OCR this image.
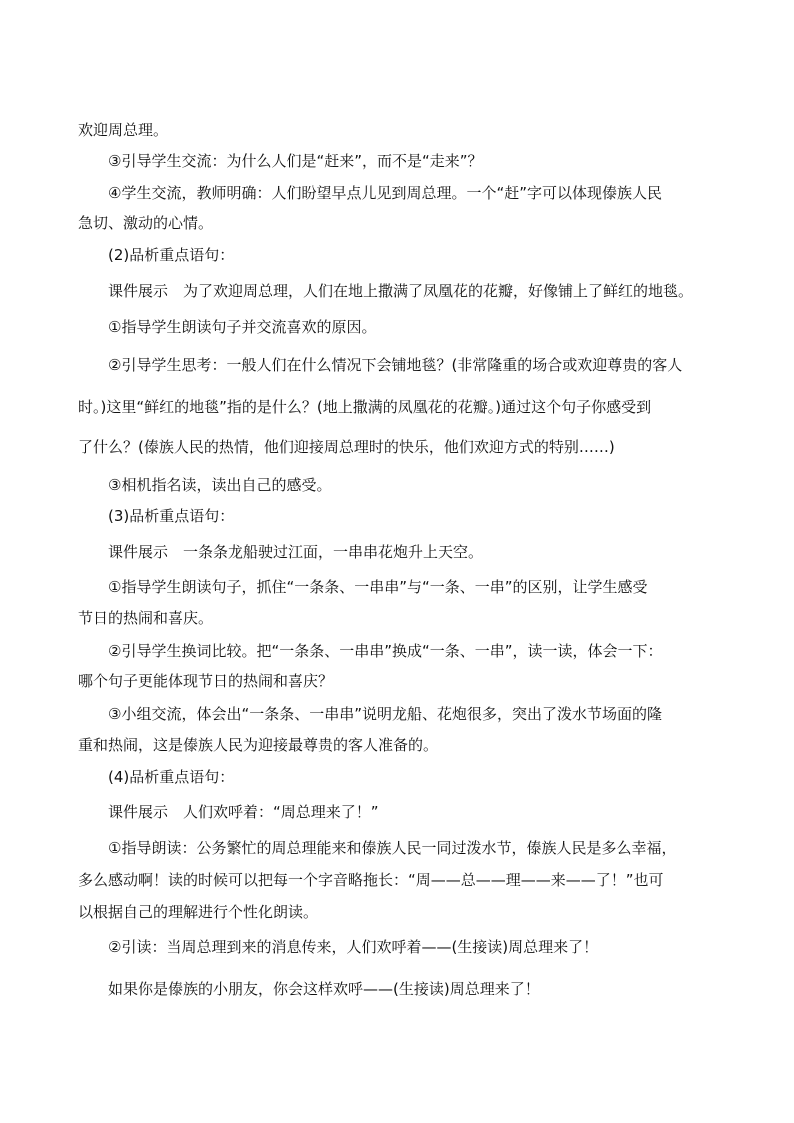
欢迎周总理。
③引导学生交流：为什么人们是“赶来”，而不是“走来”？
④学生交流，教师明确：人们盼望早点儿见到周总理。一个“赶”字可以体现傣族人民
急切、激动的心情。
(2)品析重点语句：
课件展示　为了欢迎周总理，人们在地上撒满了凤凰花的花瓣，好像铺上了鲜红的地毯。
①指导学生朗读句子并交流喜欢的原因。
②引导学生思考：一般人们在什么情况下会铺地毯？(非常隆重的场合或欢迎尊贵的客人
时。)这里“鲜红的地毯”指的是什么？(地上撒满的凤凰花的花瓣。)通过这个句子你感受到
了什么？(傣族人民的热情，他们迎接周总理时的快乐，他们欢迎方式的特别……)
③相机指名读，读出自己的感受。
(3)品析重点语句：
课件展示　一条条龙船驶过江面，一串串花炮升上天空。
①指导学生朗读句子，抓住“一条条、一串串”与“一条、一串”的区别，让学生感受
节日的热闹和喜庆。
②引导学生换词比较。把“一条条、一串串”换成“一条、一串”，读一读，体会一下：
哪个句子更能体现节日的热闹和喜庆？
③小组交流，体会出“一条条、一串串”说明龙船、花炮很多，突出了泼水节场面的隆
重和热闹，这是傣族人民为迎接最尊贵的客人准备的。
(4)品析重点语句：
课件展示　人们欢呼着：“周总理来了！”
①指导朗读：公务繁忙的周总理能来和傣族人民一同过泼水节，傣族人民是多么幸福，
多么感动啊！读的时候可以把每一个字音略拖长：“周——总——理——来——了！”也可
以根据自己的理解进行个性化朗读。
②引读：当周总理到来的消息传来，人们欢呼着——(生接读)周总理来了！
如果你是傣族的小朋友，你会这样欢呼——(生接读)周总理来了！
